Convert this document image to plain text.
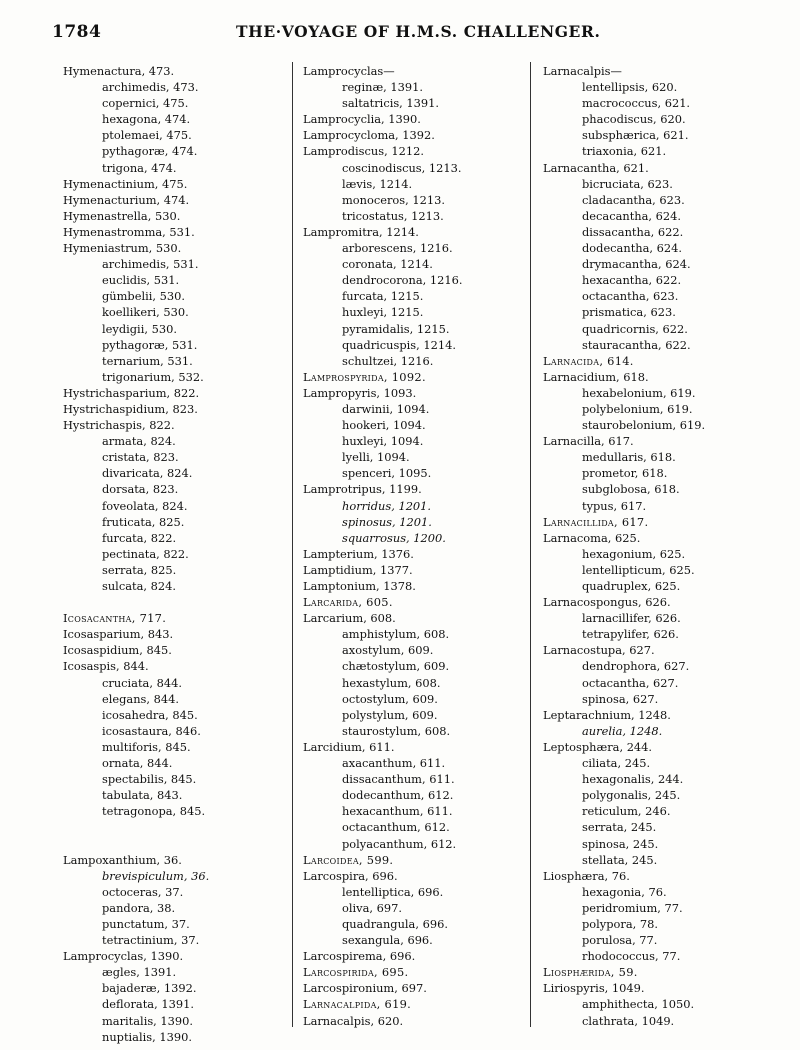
1784	THE·VOYAGE OF H.M.S. CHALLENGER.
Hymenactura, 473.
archimedis, 473.
copernici, 475.
hexagona, 474.
ptolemaei, 475.
pythagoræ, 474.
trigona, 474.
Hymenactinium, 475.
Hymenacturium, 474.
Hymenastrella, 530.
Hymenastromma, 531.
Hymeniastrum, 530.
archimedis, 531.
euclidis, 531.
gümbelii, 530.
koellikeri, 530.
leydigii, 530.
pythagoræ, 531.
ternarium, 531.
trigonarium, 532.
Hystrichasparium, 822.
Hystrichaspidium, 823.
Hystrichaspis, 822.
armata, 824.
cristata, 823.
divaricata, 824.
dorsata, 823.
foveolata, 824.
fruticata, 825.
furcata, 822.
pectinata, 822.
serrata, 825.
sulcata, 824.
Icosacantha, 717.
Icosasparium, 843.
Icosaspidium, 845.
Icosaspis, 844.
cruciata, 844.
elegans, 844.
icosahedra, 845.
icosastaura, 846.
multiforis, 845.
ornata, 844.
spectabilis, 845.
tabulata, 843.
tetragonopa, 845.
Lampoxanthium, 36.
brevispiculum, 36.
octoceras, 37.
pandora, 38.
punctatum, 37.
tetractinium, 37.
Lamprocyclas, 1390.
ægles, 1391.
bajaderæ, 1392.
deflorata, 1391.
maritalis, 1390.
nuptialis, 1390.
Lamprocyclas—
reginæ, 1391.
saltatricis, 1391.
Lamprocyclia, 1390.
Lamprocycloma, 1392.
Lamprodiscus, 1212.
coscinodiscus, 1213.
lævis, 1214.
monoceros, 1213.
tricostatus, 1213.
Lampromitra, 1214.
arborescens, 1216.
coronata, 1214.
dendrocorona, 1216.
furcata, 1215.
huxleyi, 1215.
pyramidalis, 1215.
quadricuspis, 1214.
schultzei, 1216.
Lamprospyrida, 1092.
Lampropyris, 1093.
darwinii, 1094.
hookeri, 1094.
huxleyi, 1094.
lyelli, 1094.
spenceri, 1095.
Lamprotripus, 1199.
horridus, 1201.
spinosus, 1201.
squarrosus, 1200.
Lampterium, 1376.
Lamptidium, 1377.
Lamptonium, 1378.
Larcarida, 605.
Larcarium, 608.
amphistylum, 608.
axostylum, 609.
chætostylum, 609.
hexastylum, 608.
octostylum, 609.
polystylum, 609.
staurostylum, 608.
Larcidium, 611.
axacanthum, 611.
dissacanthum, 611.
dodecanthum, 612.
hexacanthum, 611.
octacanthum, 612.
polyacanthum, 612.
Larcoidea, 599.
Larcospira, 696.
lentelliptica, 696.
oliva, 697.
quadrangula, 696.
sexangula, 696.
Larcospirema, 696.
Larcospirida, 695.
Larcospironium, 697.
Larnacalpida, 619.
Larnacalpis, 620.
Larnacalpis—
lentellipsis, 620.
macrococcus, 621.
phacodiscus, 620.
subsphærica, 621.
triaxonia, 621.
Larnacantha, 621.
bicruciata, 623.
cladacantha, 623.
decacantha, 624.
dissacantha, 622.
dodecantha, 624.
drymacantha, 624.
hexacantha, 622.
octacantha, 623.
prismatica, 623.
quadricornis, 622.
stauracantha, 622.
Larnacida, 614.
Larnacidium, 618.
hexabelonium, 619.
polybelonium, 619.
staurobelonium, 619.
Larnacilla, 617.
medullaris, 618.
prometor, 618.
subglobosa, 618.
typus, 617.
Larnacillida, 617.
Larnacoma, 625.
hexagonium, 625.
lentellipticum, 625.
quadruplex, 625.
Larnacospongus, 626.
larnacillifer, 626.
tetrapylifer, 626.
Larnacostupa, 627.
dendrophora, 627.
octacantha, 627.
spinosa, 627.
Leptarachnium, 1248.
aurelia, 1248.
Leptosphæra, 244.
ciliata, 245.
hexagonalis, 244.
polygonalis, 245.
reticulum, 246.
serrata, 245.
spinosa, 245.
stellata, 245.
Liosphæra, 76.
hexagonia, 76.
peridromium, 77.
polypora, 78.
porulosa, 77.
rhodococcus, 77.
Liosphærida, 59.
Liriospyris, 1049.
amphithecta, 1050.
clathrata, 1049.
